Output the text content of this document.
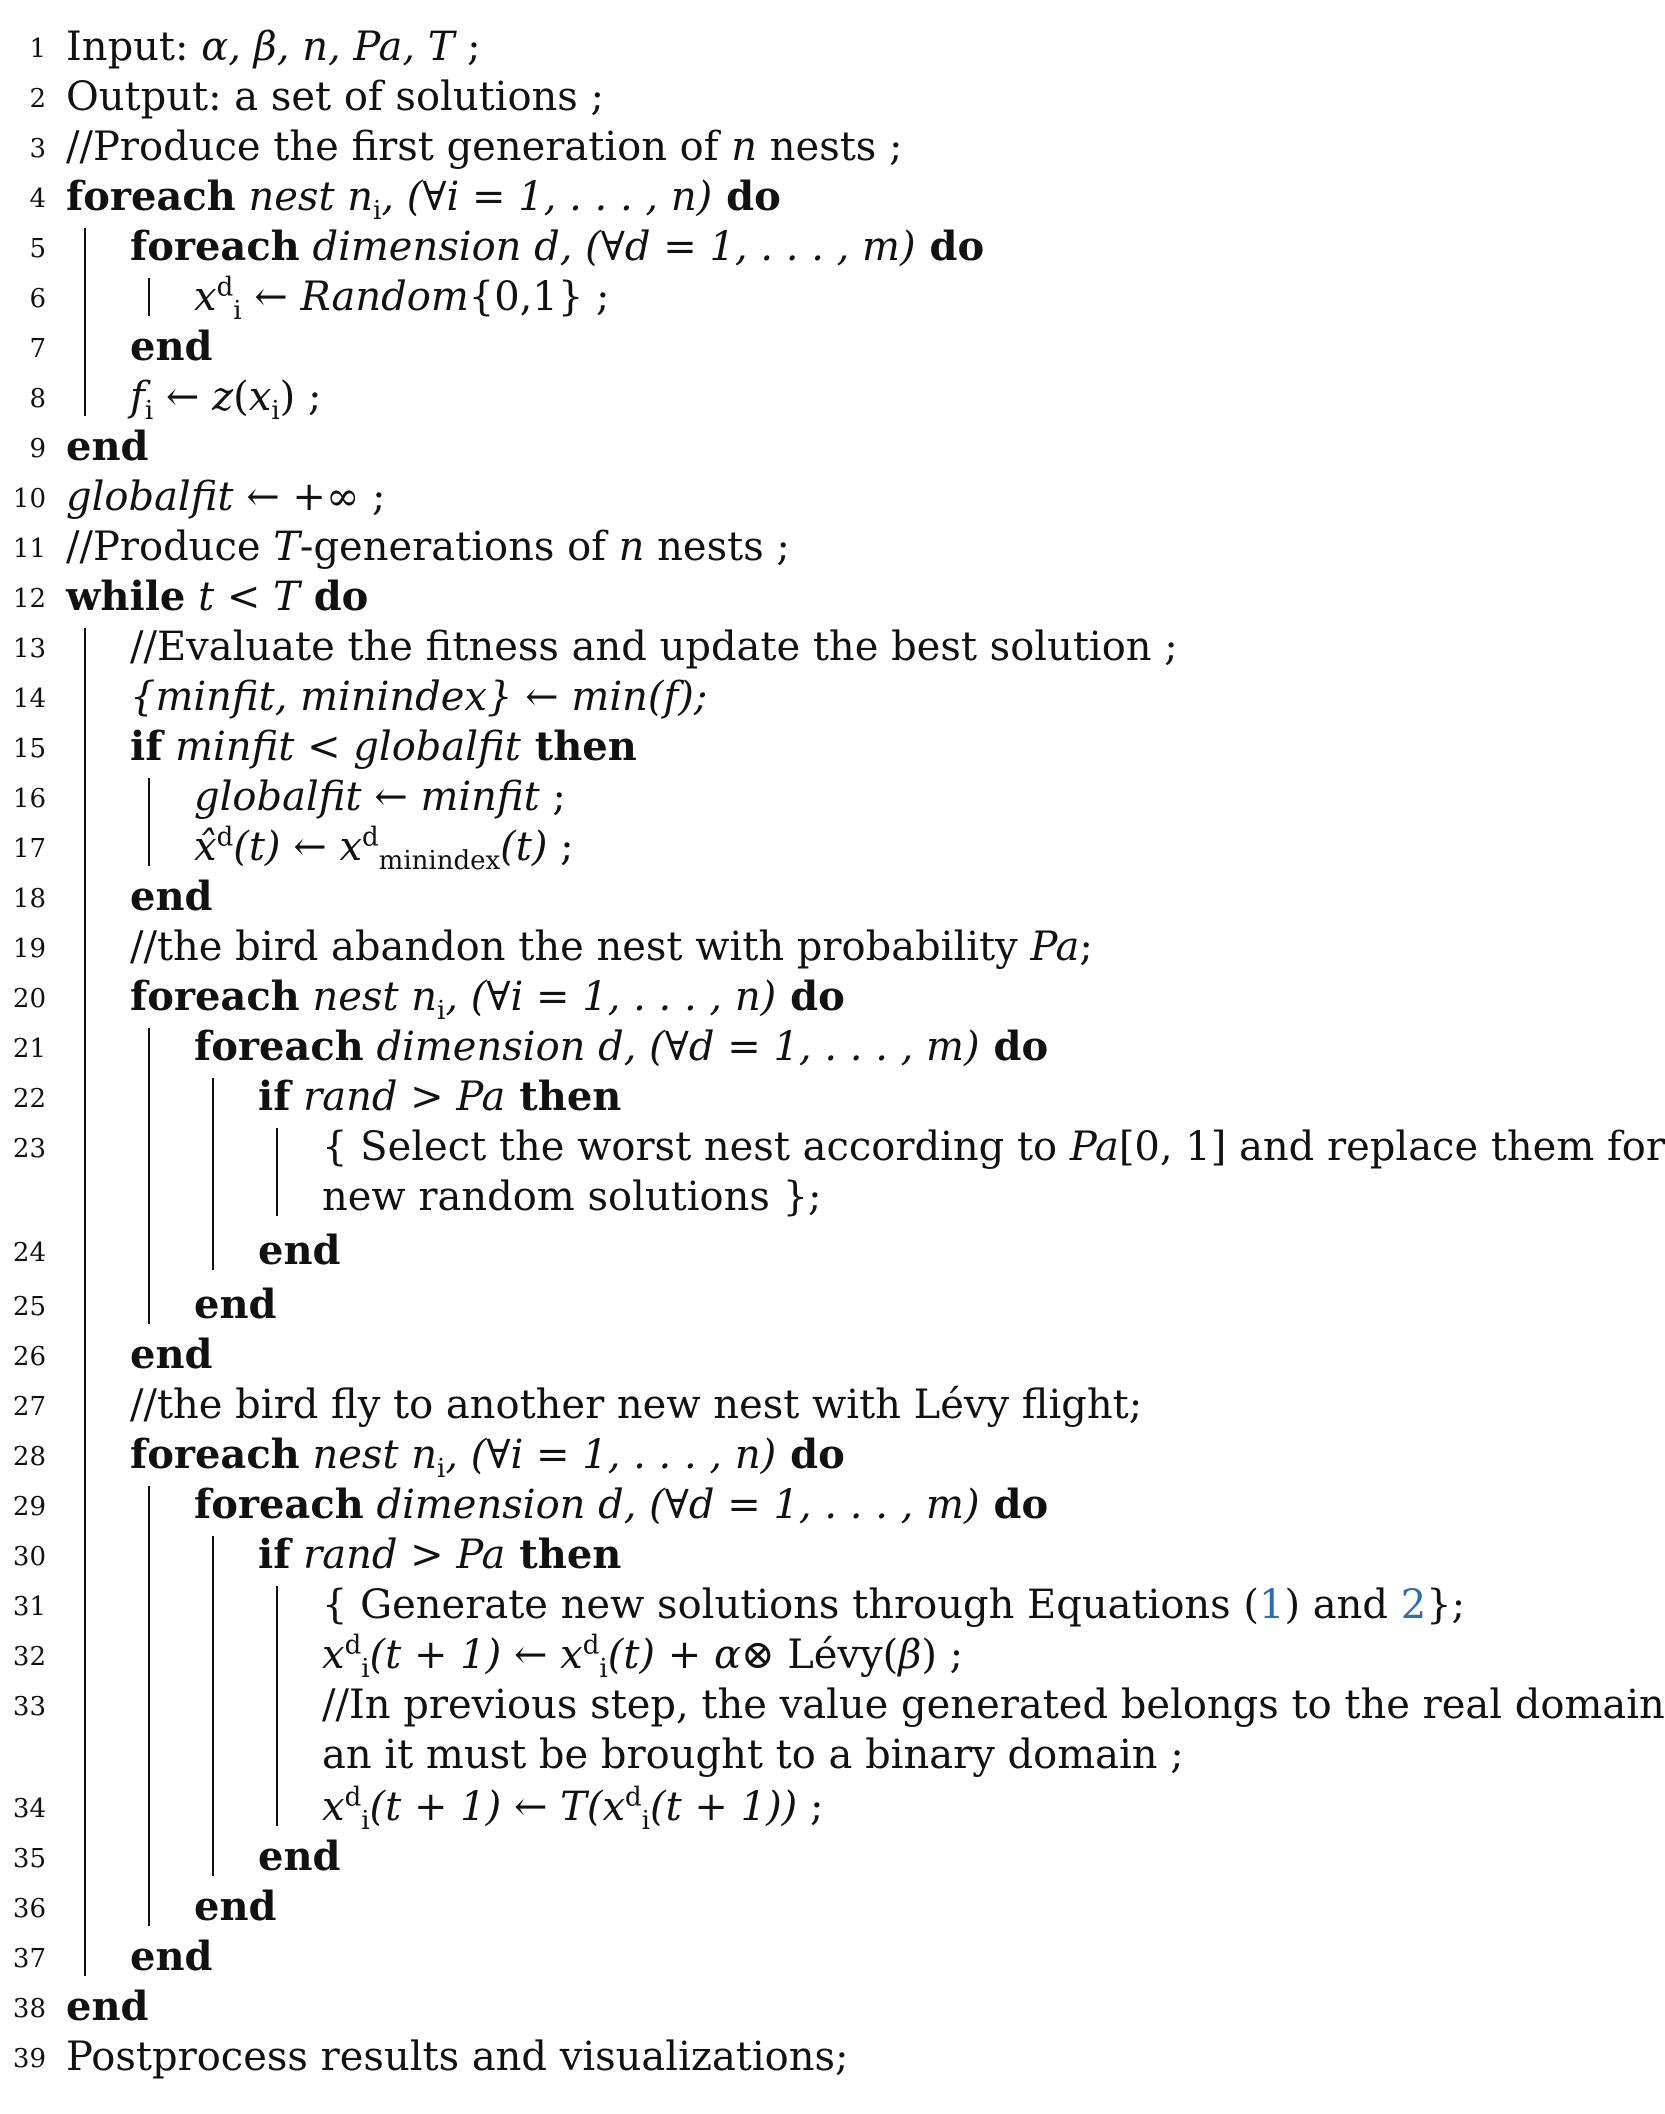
1 Input: α, β, n, Pa, T ;
2 Output: a set of solutions ;
3 //Produce the first generation of n nests ;
4 foreach nest $n_i$, (∀i = 1, . . . , n) do
5 foreach dimension d, (∀d = 1, . . . , m) do
6	$x^d_i$ ← Random{0,1} ;
7 end
8 $f_i$ ← $z(x_i)$ ;
9 end
10 globalfit ← +∞ ;
11 //Produce T-generations of n nests ;
12 while t < T do
13 //Evaluate the fitness and update the best solution ;
14 {minfit, minindex} ← min(f);
15 if minfit < globalfit then
16	globalfit ← minfit ;
17	x̂$^d$(t) ← $x^d_{minindex}(t)$ ;
18 end
19 //the bird abandon the nest with probability Pa;
20 foreach nest $n_i$, (∀i = 1, . . . , n) do
21	foreach dimension d, (∀d = 1, . . . , m) do
22	if rand > Pa then
23	{ Select the worst nest according to Pa[0, 1] and replace them for
new random solutions };
24	end
25	end
26 end
27 //the bird fly to another new nest with Lévy flight;
28 foreach nest $n_i$, (∀i = 1, . . . , n) do
29	foreach dimension d, (∀d = 1, . . . , m) do
30	if rand > Pa then
31	{ Generate new solutions through Equations (1) and 2};
32	$x^d_i(t + 1)$ ← $x^d_i(t)$ + α⊗ Lévy(β) ;
33	//In previous step, the value generated belongs to the real domain
an it must be brought to a binary domain ;
34	$x^d_i(t + 1)$ ← $T(x^d_i(t + 1))$ ;
35	end
36	end
37 end
38 end
39 Postprocess results and visualizations;
